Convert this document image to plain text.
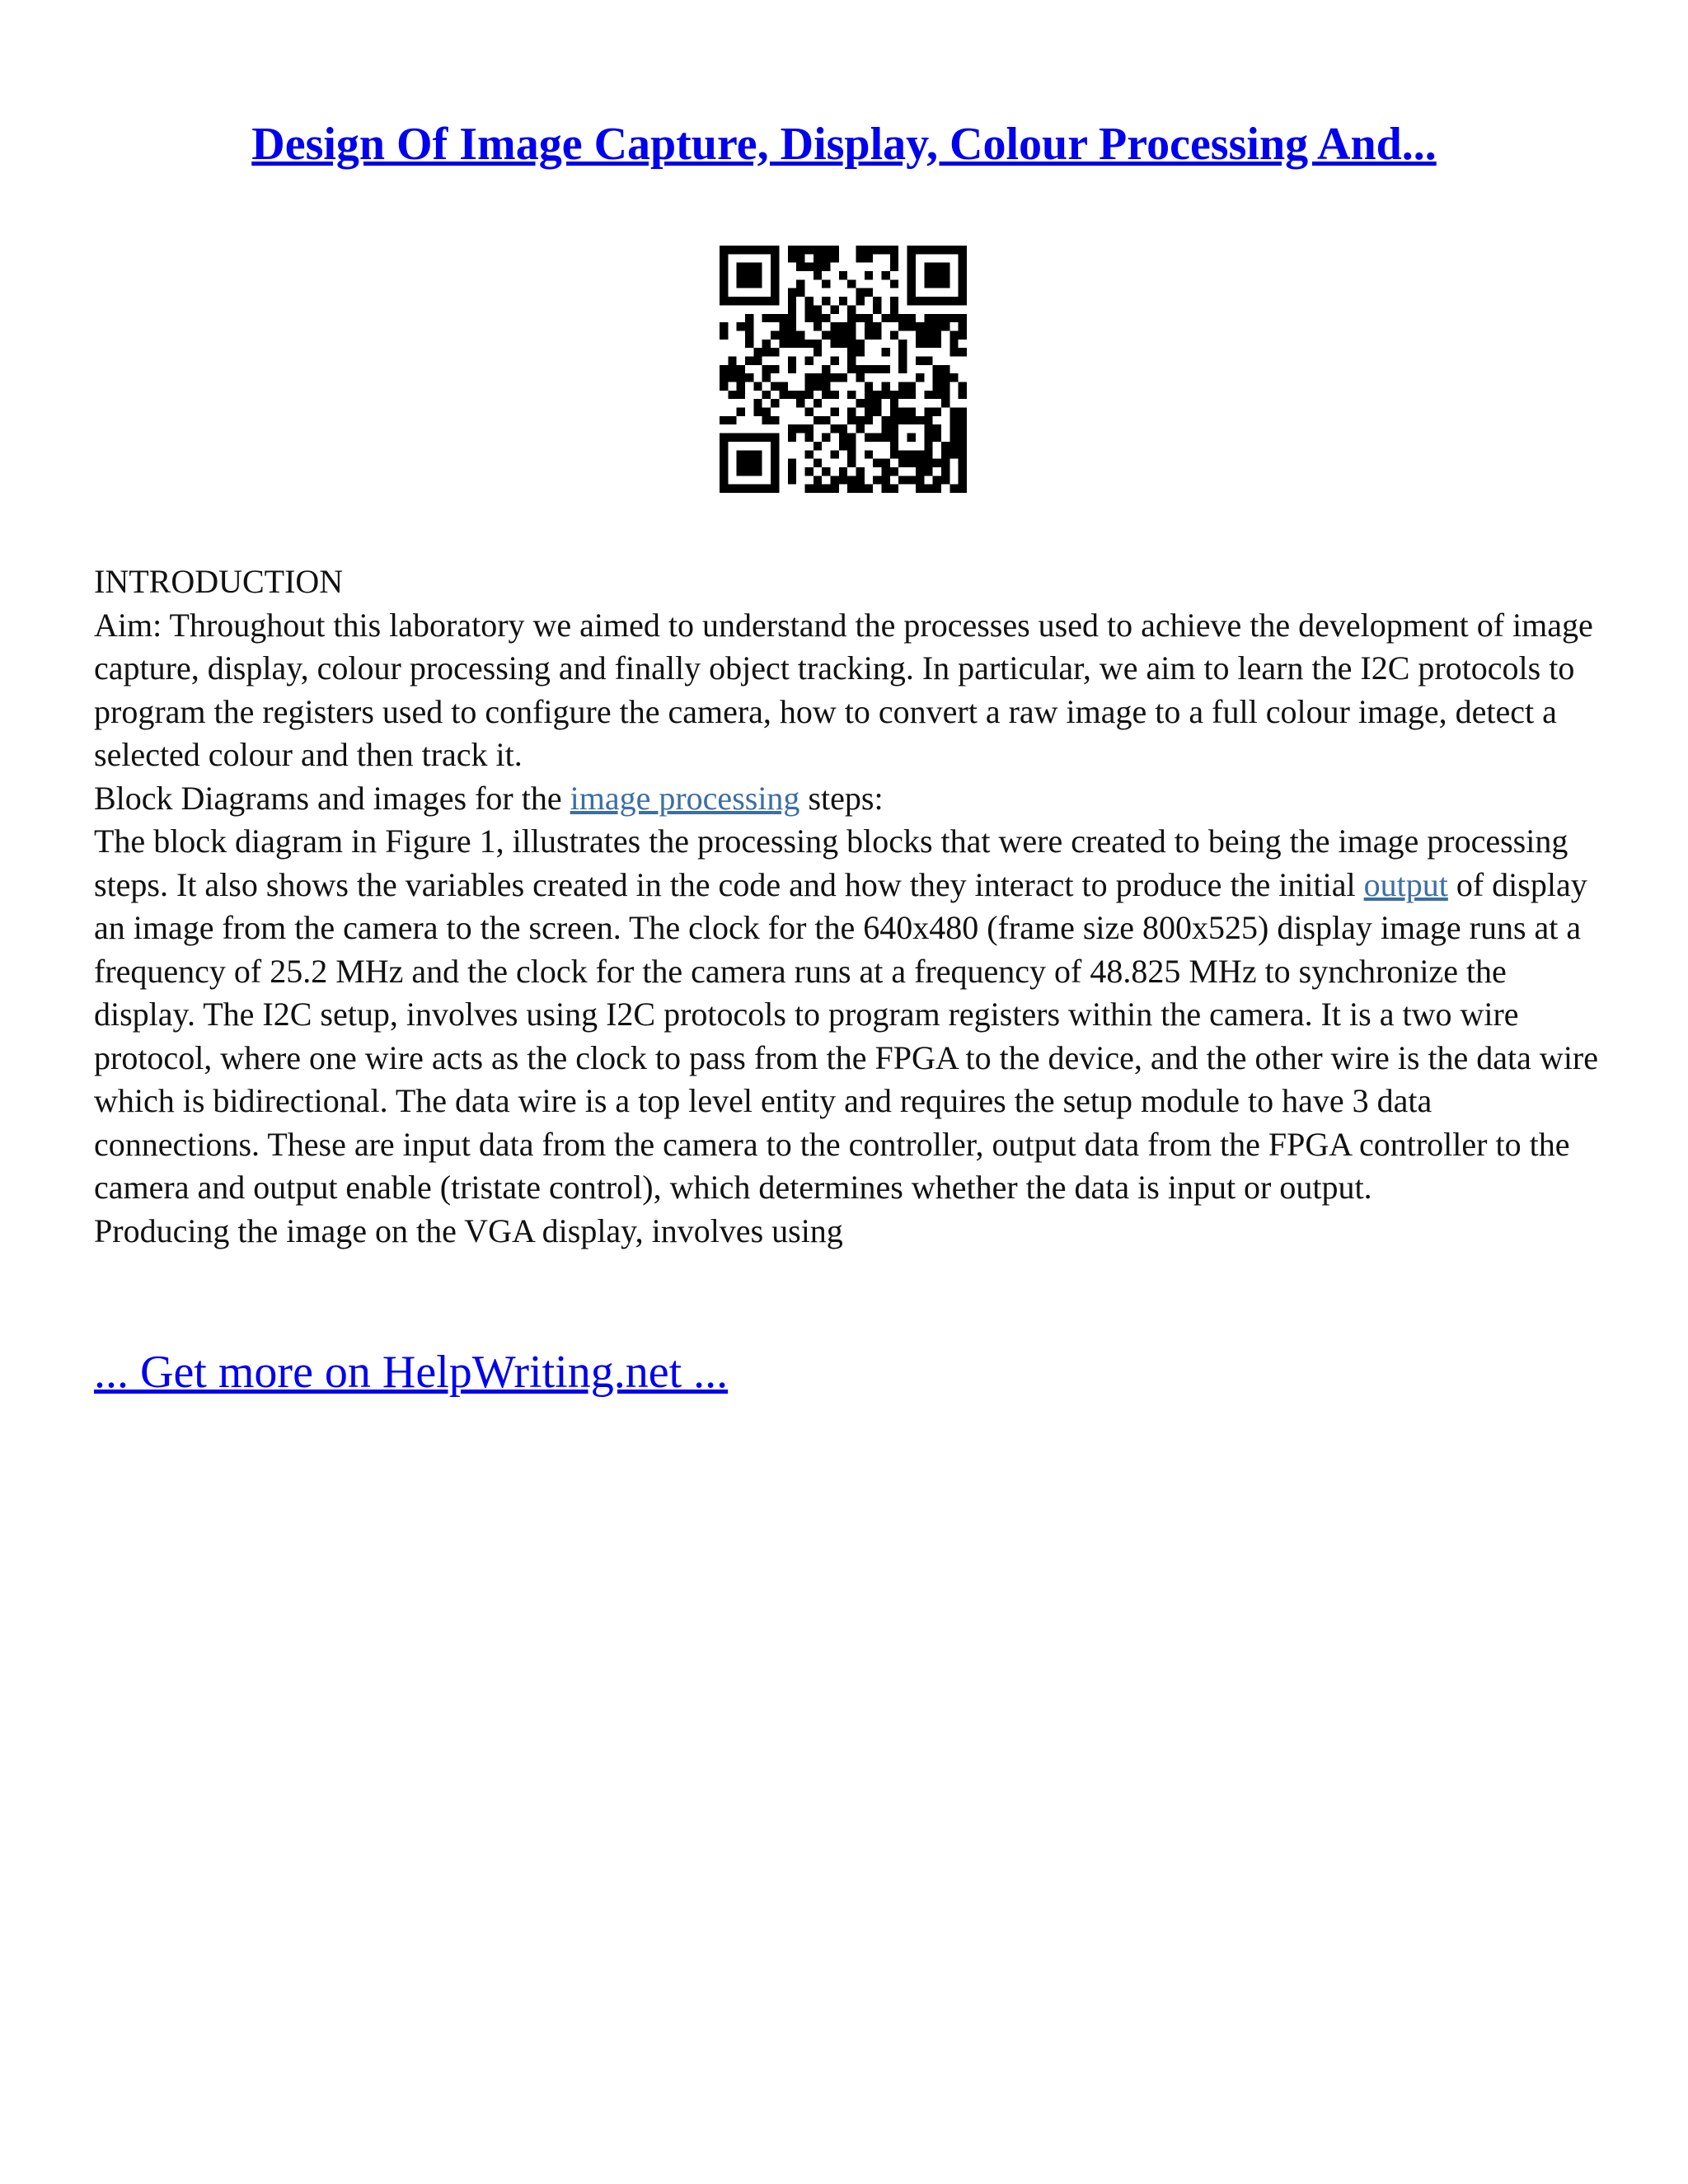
Design Of Image Capture, Display, Colour Processing And...

INTRODUCTION

Aim: Throughout this laboratory we aimed to understand the processes used to achieve the development of image capture, display, colour processing and finally object tracking. In particular, we aim to learn the I2C protocols to program the registers used to configure the camera, how to convert a raw image to a full colour image, detect a selected colour and then track it.

Block Diagrams and images for the image processing steps:

The block diagram in Figure 1, illustrates the processing blocks that were created to being the image processing steps. It also shows the variables created in the code and how they interact to produce the initial output of display an image from the camera to the screen. The clock for the 640x480 (frame size 800x525) display image runs at a frequency of 25.2 MHz and the clock for the camera runs at a frequency of 48.825 MHz to synchronize the display. The I2C setup, involves using I2C protocols to program registers within the camera. It is a two wire protocol, where one wire acts as the clock to pass from the FPGA to the device, and the other wire is the data wire which is bidirectional. The data wire is a top level entity and requires the setup module to have 3 data connections. These are input data from the camera to the controller, output data from the FPGA controller to the camera and output enable (tristate control), which determines whether the data is input or output.

Producing the image on the VGA display, involves using

... Get more on HelpWriting.net ...
